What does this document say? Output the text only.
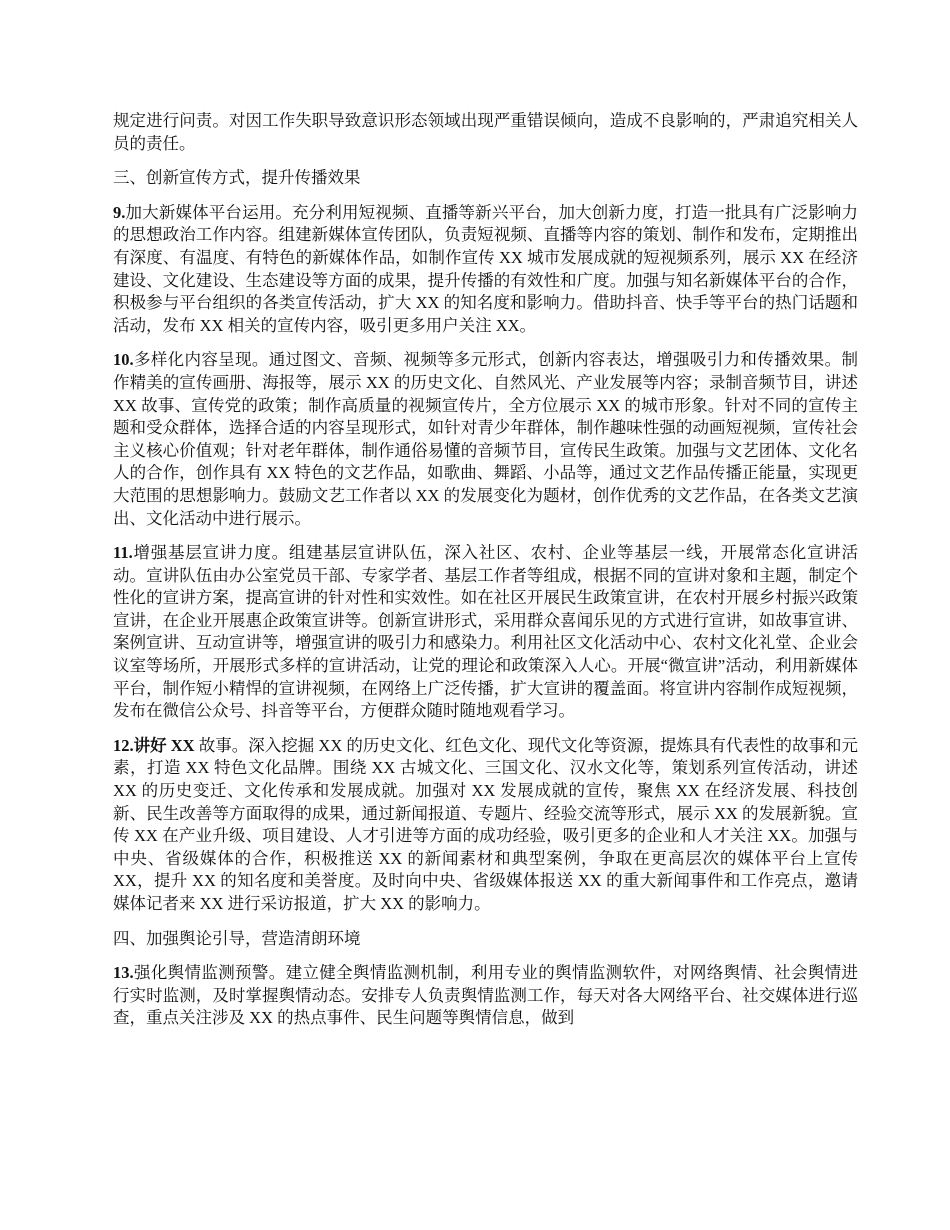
规定进行问责。对因工作失职导致意识形态领域出现严重错误倾向，造成不良影响的，严肃追究相关人员的责任。

三、创新宣传方式，提升传播效果

9.加大新媒体平台运用。充分利用短视频、直播等新兴平台，加大创新力度，打造一批具有广泛影响力的思想政治工作内容。组建新媒体宣传团队，负责短视频、直播等内容的策划、制作和发布，定期推出有深度、有温度、有特色的新媒体作品，如制作宣传 XX 城市发展成就的短视频系列，展示 XX 在经济建设、文化建设、生态建设等方面的成果，提升传播的有效性和广度。加强与知名新媒体平台的合作，积极参与平台组织的各类宣传活动，扩大 XX 的知名度和影响力。借助抖音、快手等平台的热门话题和活动，发布 XX 相关的宣传内容，吸引更多用户关注 XX。

10.多样化内容呈现。通过图文、音频、视频等多元形式，创新内容表达，增强吸引力和传播效果。制作精美的宣传画册、海报等，展示 XX 的历史文化、自然风光、产业发展等内容；录制音频节目，讲述 XX 故事、宣传党的政策；制作高质量的视频宣传片，全方位展示 XX 的城市形象。针对不同的宣传主题和受众群体，选择合适的内容呈现形式，如针对青少年群体，制作趣味性强的动画短视频，宣传社会主义核心价值观；针对老年群体，制作通俗易懂的音频节目，宣传民生政策。加强与文艺团体、文化名人的合作，创作具有 XX 特色的文艺作品，如歌曲、舞蹈、小品等，通过文艺作品传播正能量，实现更大范围的思想影响力。鼓励文艺工作者以 XX 的发展变化为题材，创作优秀的文艺作品，在各类文艺演出、文化活动中进行展示。

11.增强基层宣讲力度。组建基层宣讲队伍，深入社区、农村、企业等基层一线，开展常态化宣讲活动。宣讲队伍由办公室党员干部、专家学者、基层工作者等组成，根据不同的宣讲对象和主题，制定个性化的宣讲方案，提高宣讲的针对性和实效性。如在社区开展民生政策宣讲，在农村开展乡村振兴政策宣讲，在企业开展惠企政策宣讲等。创新宣讲形式，采用群众喜闻乐见的方式进行宣讲，如故事宣讲、案例宣讲、互动宣讲等，增强宣讲的吸引力和感染力。利用社区文化活动中心、农村文化礼堂、企业会议室等场所，开展形式多样的宣讲活动，让党的理论和政策深入人心。开展“微宣讲”活动，利用新媒体平台，制作短小精悍的宣讲视频，在网络上广泛传播，扩大宣讲的覆盖面。将宣讲内容制作成短视频，发布在微信公众号、抖音等平台，方便群众随时随地观看学习。

12.讲好 XX 故事。深入挖掘 XX 的历史文化、红色文化、现代文化等资源，提炼具有代表性的故事和元素，打造 XX 特色文化品牌。围绕 XX 古城文化、三国文化、汉水文化等，策划系列宣传活动，讲述 XX 的历史变迁、文化传承和发展成就。加强对 XX 发展成就的宣传，聚焦 XX 在经济发展、科技创新、民生改善等方面取得的成果，通过新闻报道、专题片、经验交流等形式，展示 XX 的发展新貌。宣传 XX 在产业升级、项目建设、人才引进等方面的成功经验，吸引更多的企业和人才关注 XX。加强与中央、省级媒体的合作，积极推送 XX 的新闻素材和典型案例，争取在更高层次的媒体平台上宣传 XX，提升 XX 的知名度和美誉度。及时向中央、省级媒体报送 XX 的重大新闻事件和工作亮点，邀请媒体记者来 XX 进行采访报道，扩大 XX 的影响力。

四、加强舆论引导，营造清朗环境

13.强化舆情监测预警。建立健全舆情监测机制，利用专业的舆情监测软件，对网络舆情、社会舆情进行实时监测，及时掌握舆情动态。安排专人负责舆情监测工作，每天对各大网络平台、社交媒体进行巡查，重点关注涉及 XX 的热点事件、民生问题等舆情信息，做到
